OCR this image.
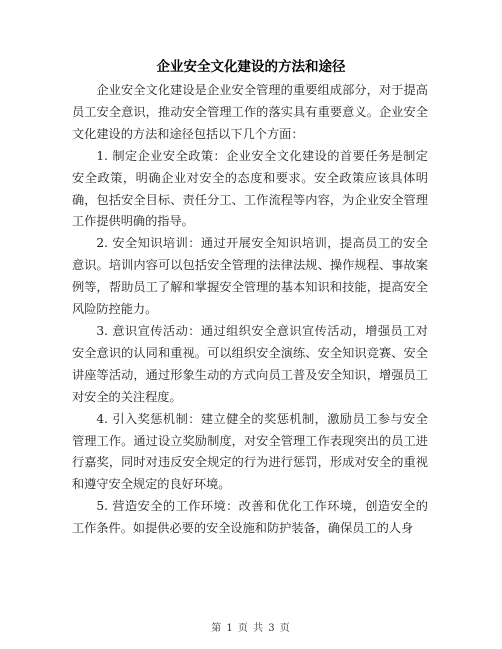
企业安全文化建设的方法和途径

企业安全文化建设是企业安全管理的重要组成部分，对于提高员工安全意识，推动安全管理工作的落实具有重要意义。企业安全文化建设的方法和途径包括以下几个方面：

1. 制定企业安全政策：企业安全文化建设的首要任务是制定安全政策，明确企业对安全的态度和要求。安全政策应该具体明确，包括安全目标、责任分工、工作流程等内容，为企业安全管理工作提供明确的指导。

2. 安全知识培训：通过开展安全知识培训，提高员工的安全意识。培训内容可以包括安全管理的法律法规、操作规程、事故案例等，帮助员工了解和掌握安全管理的基本知识和技能，提高安全风险防控能力。

3. 意识宣传活动：通过组织安全意识宣传活动，增强员工对安全意识的认同和重视。可以组织安全演练、安全知识竞赛、安全讲座等活动，通过形象生动的方式向员工普及安全知识，增强员工对安全的关注程度。

4. 引入奖惩机制：建立健全的奖惩机制，激励员工参与安全管理工作。通过设立奖励制度，对安全管理工作表现突出的员工进行嘉奖，同时对违反安全规定的行为进行惩罚，形成对安全的重视和遵守安全规定的良好环境。

5. 营造安全的工作环境：改善和优化工作环境，创造安全的工作条件。如提供必要的安全设施和防护装备，确保员工的人身

第 1 页 共 3 页
